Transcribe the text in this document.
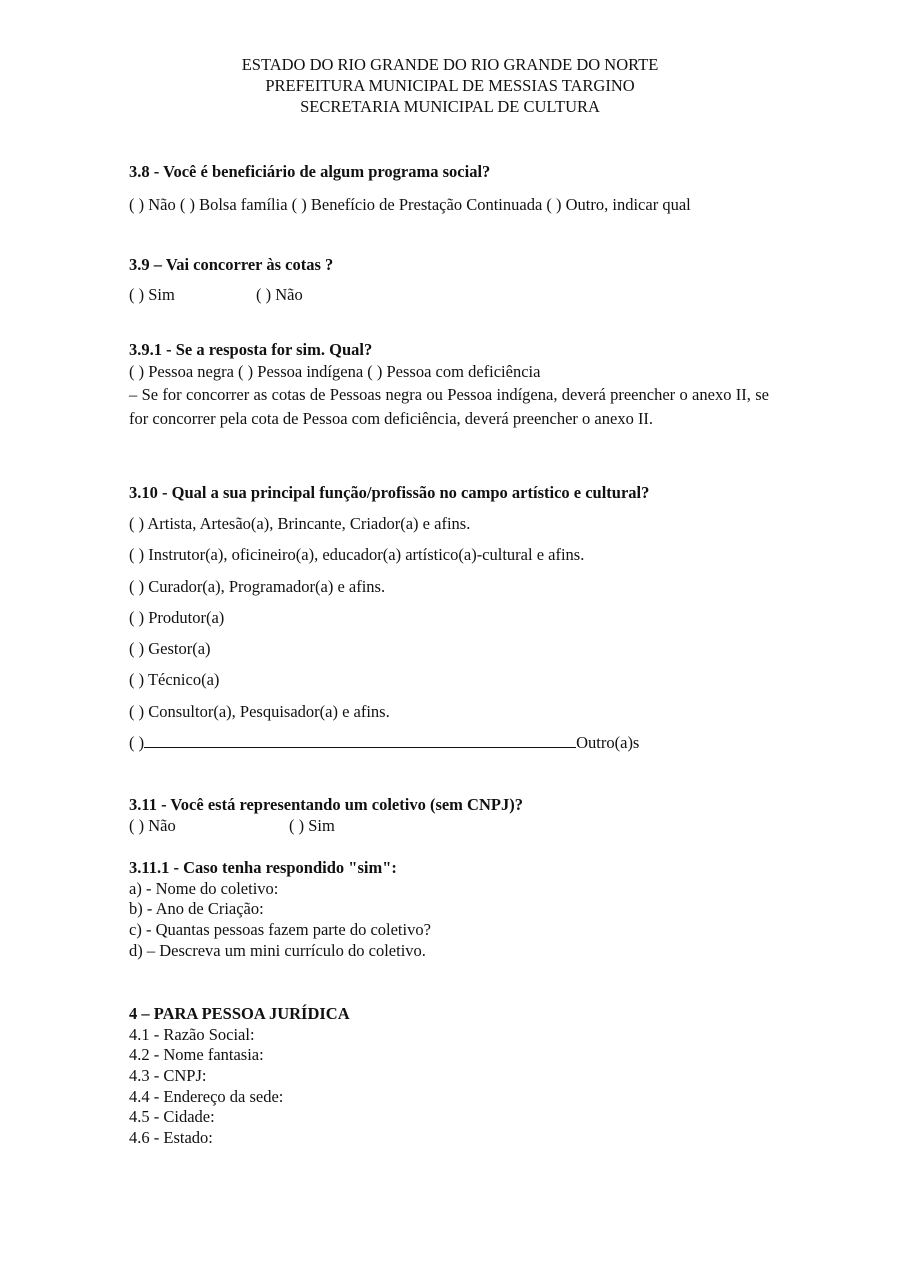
ESTADO DO RIO GRANDE DO RIO GRANDE DO NORTE
PREFEITURA MUNICIPAL DE MESSIAS TARGINO
SECRETARIA MUNICIPAL DE CULTURA
3.8 - Você é beneficiário de algum programa social?
( ) Não ( ) Bolsa família ( ) Benefício de Prestação Continuada ( ) Outro, indicar qual
3.9 – Vai concorrer às cotas ?
( ) Sim	( ) Não
3.9.1 - Se a resposta for sim. Qual?
( ) Pessoa negra ( ) Pessoa indígena ( ) Pessoa com deficiência
– Se for concorrer as cotas de Pessoas negra ou Pessoa indígena, deverá preencher o anexo II, se for concorrer pela cota de Pessoa com deficiência, deverá preencher o anexo II.
3.10 - Qual a sua principal função/profissão no campo artístico e cultural?
( ) Artista, Artesão(a), Brincante, Criador(a) e afins.
( ) Instrutor(a), oficineiro(a), educador(a) artístico(a)-cultural e afins.
( ) Curador(a), Programador(a) e afins.
( ) Produtor(a)
( ) Gestor(a)
( ) Técnico(a)
( ) Consultor(a), Pesquisador(a) e afins.
( )	Outro(a)s
3.11 - Você está representando um coletivo (sem CNPJ)?
( ) Não	( ) Sim
3.11.1 - Caso tenha respondido "sim":
a) - Nome do coletivo:
b) - Ano de Criação:
c) - Quantas pessoas fazem parte do coletivo?
d) – Descreva um mini currículo do coletivo.
4 – PARA PESSOA JURÍDICA
4.1 - Razão Social:
4.2 - Nome fantasia:
4.3 - CNPJ:
4.4 - Endereço da sede:
4.5 - Cidade:
4.6 - Estado:
